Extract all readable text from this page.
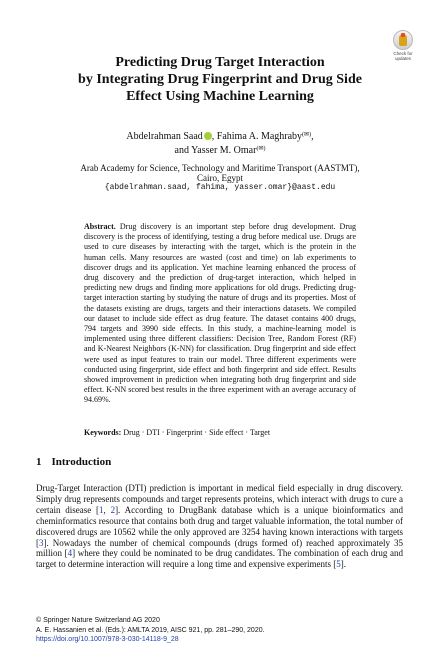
Check for
updates
Predicting Drug Target Interaction
by Integrating Drug Fingerprint and Drug Side
Effect Using Machine Learning
Abdelrahman Saad , Fahima A. Maghraby(✉),
and Yasser M. Omar(✉)
Arab Academy for Science, Technology and Maritime Transport (AASTMT),
Cairo, Egypt
{abdelrahman.saad, fahima, yasser.omar}@aast.edu
Abstract. Drug discovery is an important step before drug development. Drug discovery is the process of identifying, testing a drug before medical use. Drugs are used to cure diseases by interacting with the target, which is the protein in the human cells. Many resources are wasted (cost and time) on lab experiments to discover drugs and its application. Yet machine learning enhanced the process of drug discovery and the prediction of drug-target interaction, which helped in predicting new drugs and finding more applications for old drugs. Predicting drug-target interaction starting by studying the nature of drugs and its properties. Most of the datasets existing are drugs, targets and their interactions datasets. We compiled our dataset to include side effect as drug feature. The dataset contains 400 drugs, 794 targets and 3990 side effects. In this study, a machine-learning model is implemented using three different classifiers: Decision Tree, Random Forest (RF) and K-Nearest Neighbors (K-NN) for classification. Drug fingerprint and side effect were used as input features to train our model. Three different experiments were conducted using fingerprint, side effect and both fingerprint and side effect. Results showed improvement in prediction when integrating both drug fingerprint and side effect. K-NN scored best results in the three experiment with an average accuracy of 94.69%.
Keywords: Drug · DTI · Fingerprint · Side effect · Target
1 Introduction
Drug-Target Interaction (DTI) prediction is important in medical field especially in drug discovery. Simply drug represents compounds and target represents proteins, which interact with drugs to cure a certain disease [1, 2]. According to DrugBank database which is a unique bioinformatics and cheminformatics resource that contains both drug and target valuable information, the total number of discovered drugs are 10562 while the only approved are 3254 having known interactions with targets [3]. Nowadays the number of chemical compounds (drugs formed of) reached approximately 35 million [4] where they could be nominated to be drug candidates. The combination of each drug and target to determine interaction will require a long time and expensive experiments [5].
© Springer Nature Switzerland AG 2020
A. E. Hassanien et al. (Eds.): AMLTA 2019, AISC 921, pp. 281–290, 2020.
https://doi.org/10.1007/978-3-030-14118-9_28
